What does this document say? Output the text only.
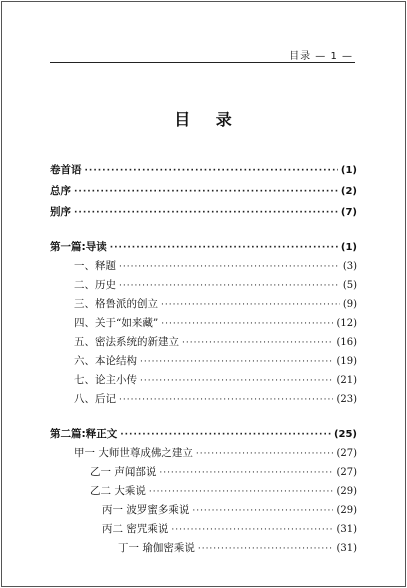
目录 — 1 —
目 录
卷首语 ·····	(1)
总序 ·····	(2)
别序 ·····	(7)
第一篇:导读 ·····	(1)
一、释题 ·····	(3)
二、历史 ·····	(5)
三、格鲁派的创立 ·····	(9)
四、关于“如来藏” ·····	(12)
五、密法系统的新建立 ·····	(16)
六、本论结构 ·····	(19)
七、论主小传 ·····	(21)
八、后记 ·····	(23)
第二篇:释正文 ·····	(25)
甲一 大师世尊成佛之建立 ·····	(27)
乙一 声闻部说 ·····	(27)
乙二 大乘说 ·····	(29)
丙一 波罗蜜多乘说 ·····	(29)
丙二 密咒乘说 ·····	(31)
丁一 瑜伽密乘说 ·····	(31)
